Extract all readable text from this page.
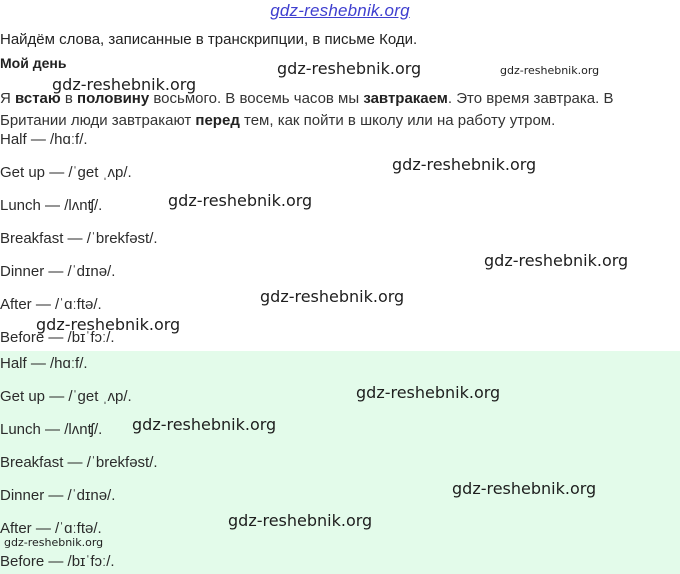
gdz-reshebnik.org
Найдём слова, записанные в транскрипции, в письме Коди.
Мой день
Я встаю в половину восьмого. В восемь часов мы завтракаем. Это время завтрака. В
Британии люди завтракают перед тем, как пойти в школу или на работу утром.
Half — /hɑːf/.
Get up — /ˈget ˌʌp/.
Lunch — /lʌnʧ/.
Breakfast — /ˈbrekfəst/.
Dinner — /ˈdɪnə/.
After — /ˈɑːftə/.
Before — /bɪˈfɔː/.
Half — /hɑːf/.
Get up — /ˈget ˌʌp/.
Lunch — /lʌnʧ/.
Breakfast — /ˈbrekfəst/.
Dinner — /ˈdɪnə/.
After — /ˈɑːftə/.
Before — /bɪˈfɔː/.
gdz-reshebnik.org	gdz-reshebnik.org
gdz-reshebnik.org
gdz-reshebnik.org
gdz-reshebnik.org
gdz-reshebnik.org
gdz-reshebnik.org
gdz-reshebnik.org
gdz-reshebnik.org
gdz-reshebnik.org
gdz-reshebnik.org
gdz-reshebnik.org
gdz-reshebnik.org
